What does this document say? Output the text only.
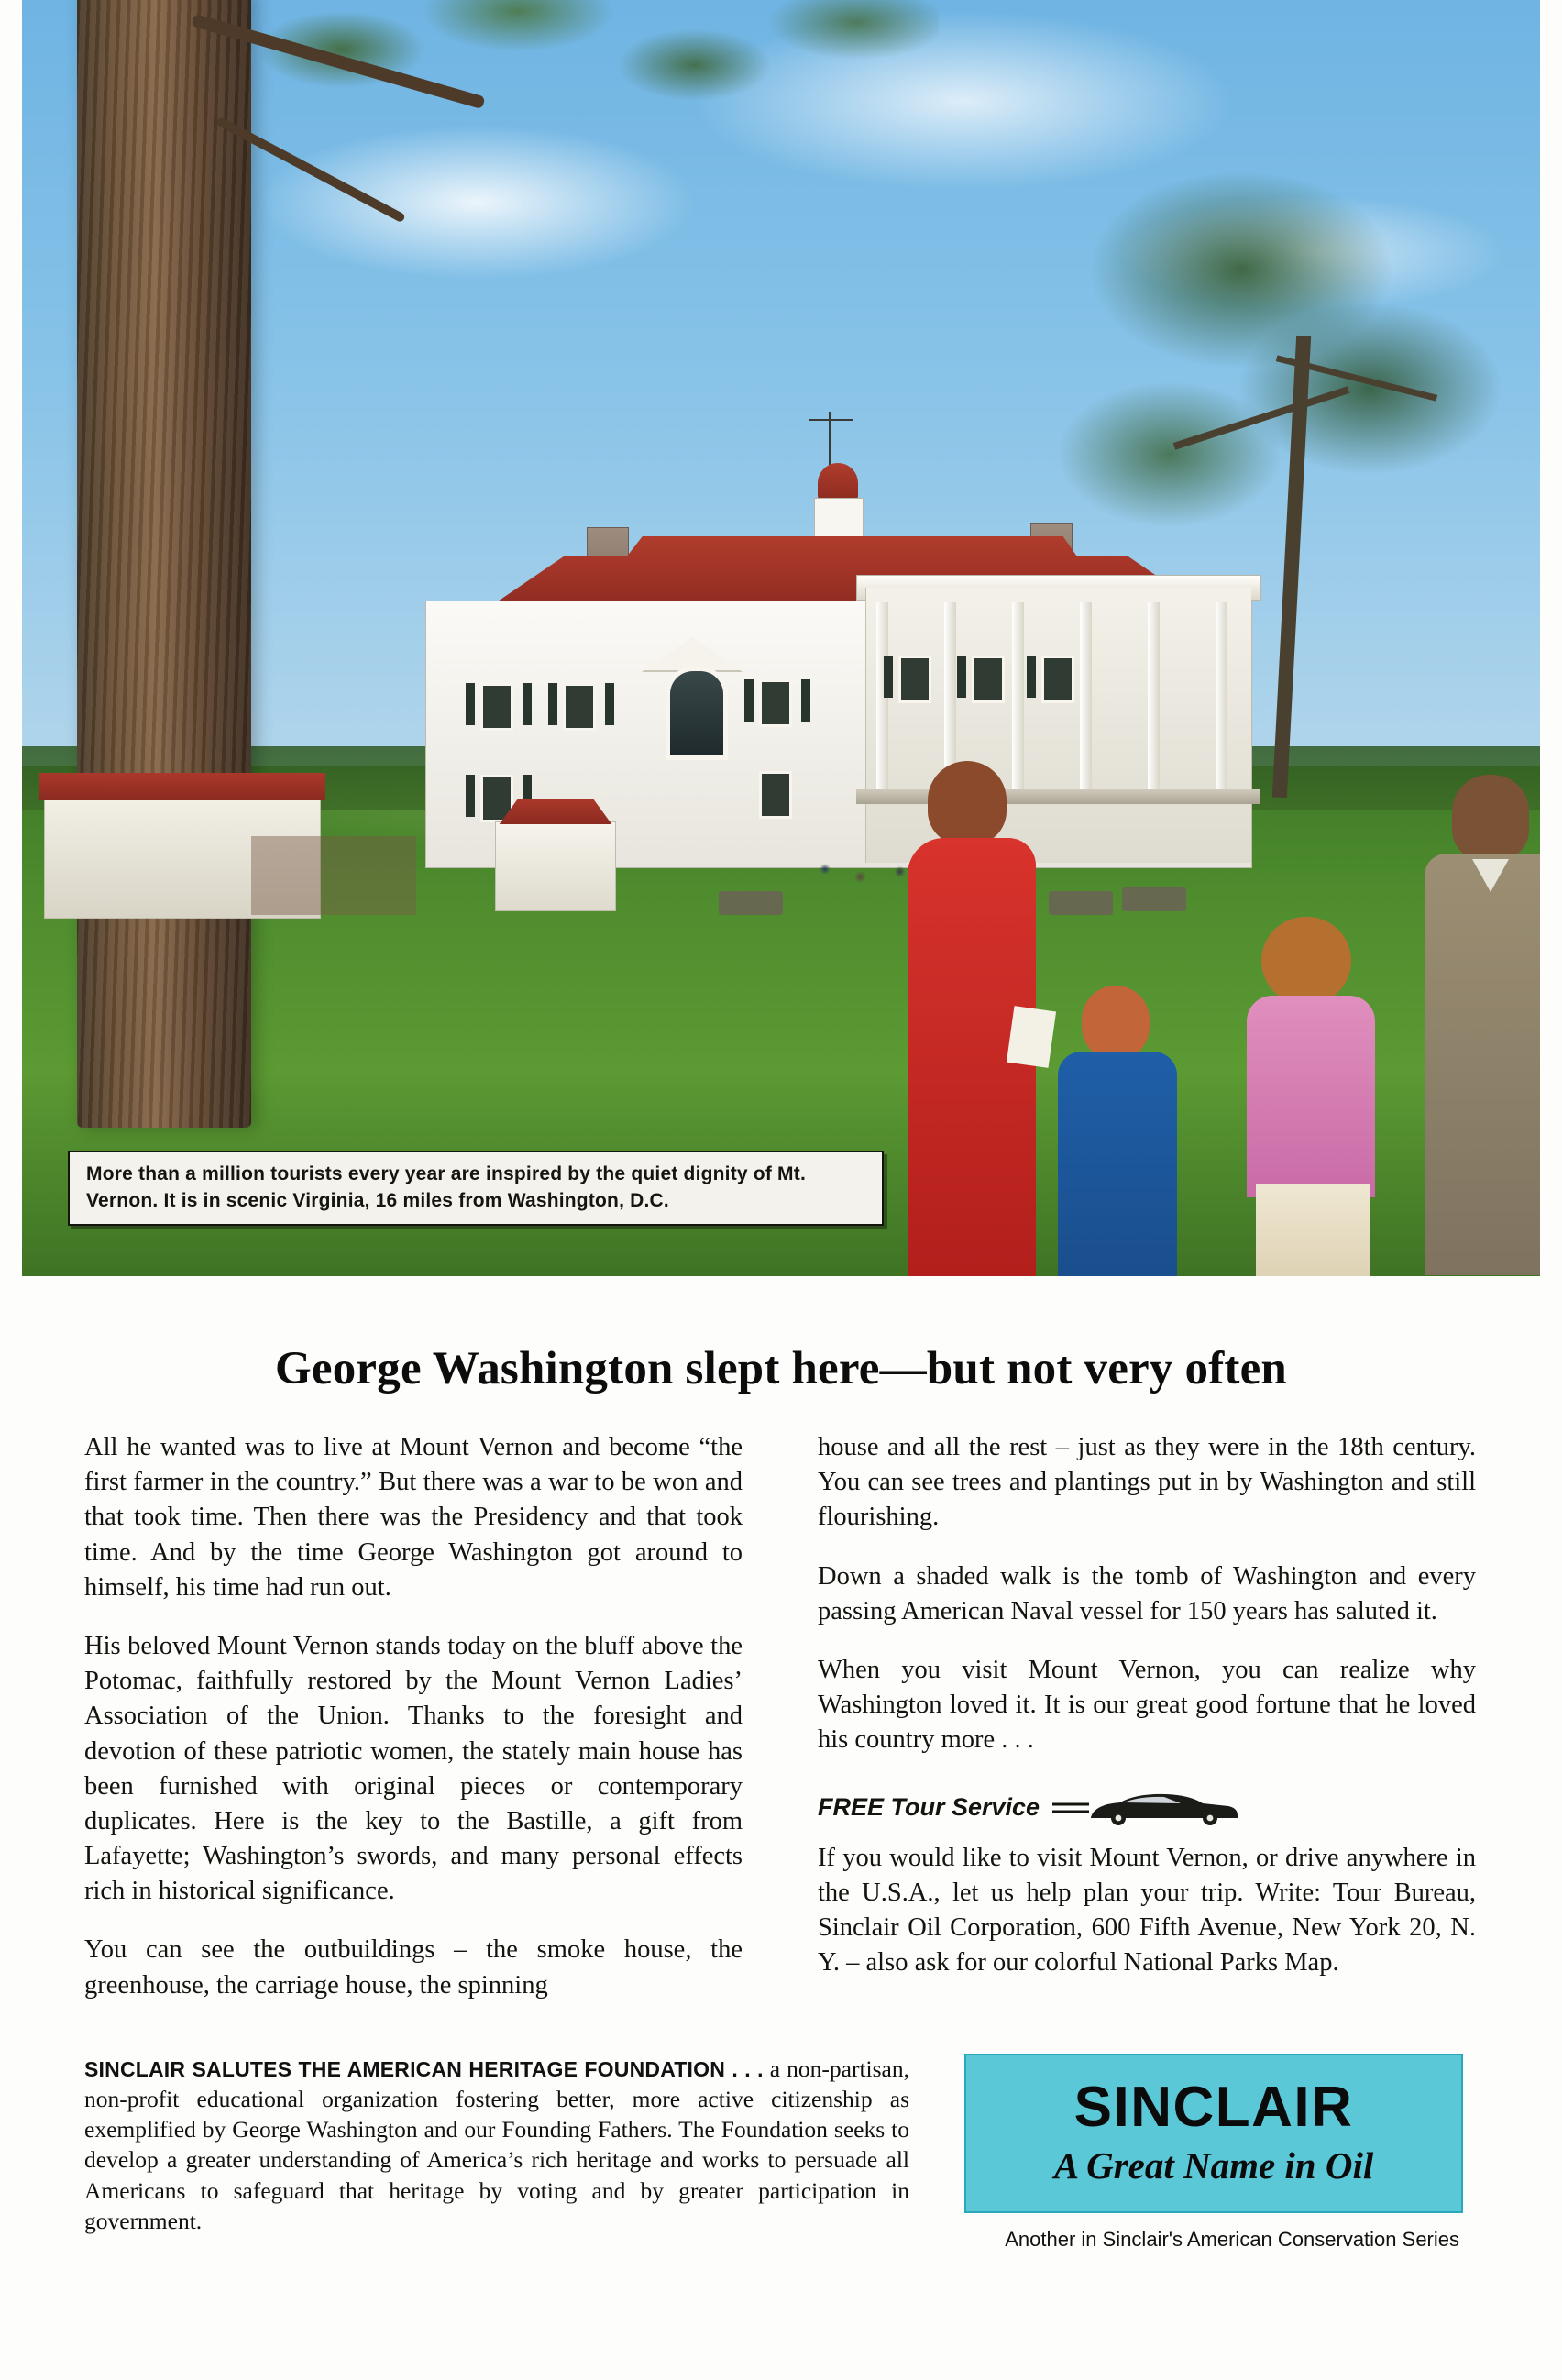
More than a million tourists every year are inspired by the quiet dignity of Mt. Vernon. It is in scenic Virginia, 16 miles from Washington, D.C.
George Washington slept here—but not very often

All he wanted was to live at Mount Vernon and become “the first farmer in the country.” But there was a war to be won and that took time. Then there was the Presidency and that took time. And by the time George Washington got around to himself, his time had run out.

His beloved Mount Vernon stands today on the bluff above the Potomac, faithfully restored by the Mount Vernon Ladies’ Association of the Union. Thanks to the foresight and devotion of these patriotic women, the stately main house has been furnished with original pieces or contemporary duplicates. Here is the key to the Bastille, a gift from Lafayette; Washington’s swords, and many personal effects rich in historical significance.

You can see the outbuildings – the smoke house, the greenhouse, the carriage house, the spinning

house and all the rest – just as they were in the 18th century. You can see trees and plantings put in by Washington and still flourishing.

Down a shaded walk is the tomb of Washington and every passing American Naval vessel for 150 years has saluted it.

When you visit Mount Vernon, you can realize why Washington loved it. It is our great good fortune that he loved his country more . . .

FREE Tour Service

If you would like to visit Mount Vernon, or drive anywhere in the U.S.A., let us help plan your trip. Write: Tour Bureau, Sinclair Oil Corporation, 600 Fifth Avenue, New York 20, N. Y. – also ask for our colorful National Parks Map.

SINCLAIR SALUTES THE AMERICAN HERITAGE FOUNDATION . . . a non-partisan, non-profit educational organization fostering better, more active citizenship as exemplified by George Washington and our Founding Fathers. The Foundation seeks to develop a greater understanding of America’s rich heritage and works to persuade all Americans to safeguard that heritage by voting and by greater participation in government.
SINCLAIR
A Great Name in Oil
Another in Sinclair's American Conservation Series
